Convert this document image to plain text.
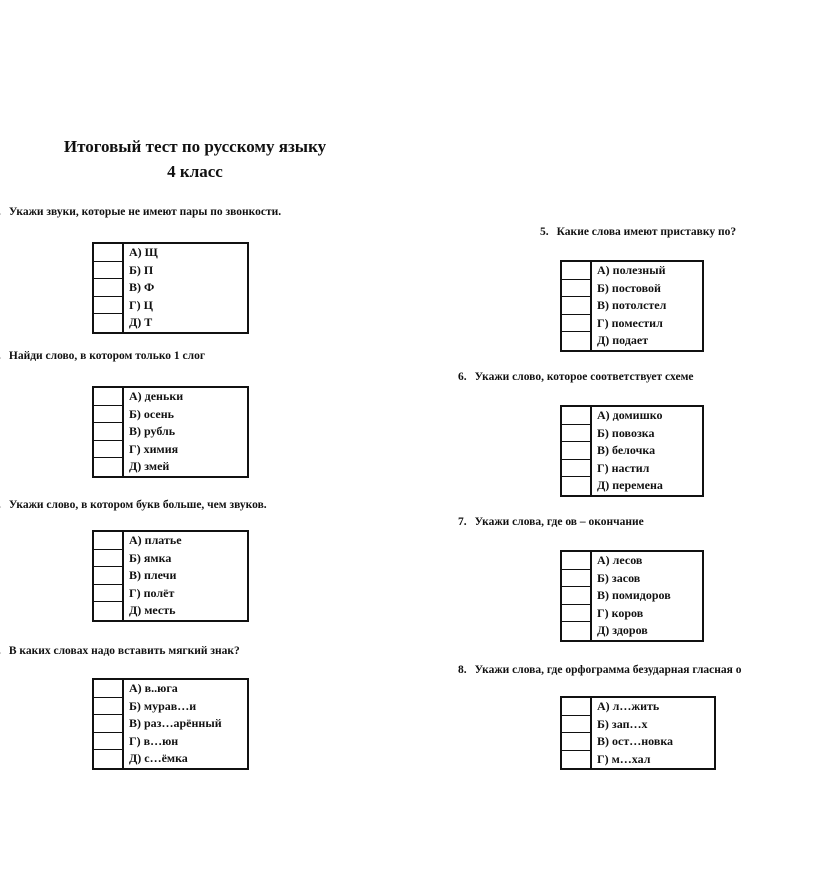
Итоговый тест по русскому языку
4 класс
Укажи звуки, которые не имеют пары по звонкости.
А) Щ
Б) П
В) Ф
Г) Ц
Д) Т
Найди слово, в котором только 1 слог
А) деньки
Б) осень
В) рубль
Г) химия
Д) змей
Укажи слово, в котором букв больше, чем звуков.
А) платье
Б) ямка
В) плечи
Г) полёт
Д) месть
В каких словах надо вставить мягкий знак?
А) в..юга
Б) мурав…и
В) раз…арённый
Г) в…юн
Д) с…ёмка
5. Какие слова имеют приставку по?
А) полезный
Б) постовой
В) потолстел
Г) поместил
Д) подает
6. Укажи слово, которое соответствует схеме
А) домишко
Б) повозка
В) белочка
Г) настил
Д) перемена
7. Укажи слова, где ов – окончание
А) лесов
Б) засов
В) помидоров
Г) коров
Д) здоров
8. Укажи слова, где орфограмма безударная гласная о
А) л…жить
Б) зап…х
В) ост…новка
Г) м…хал
